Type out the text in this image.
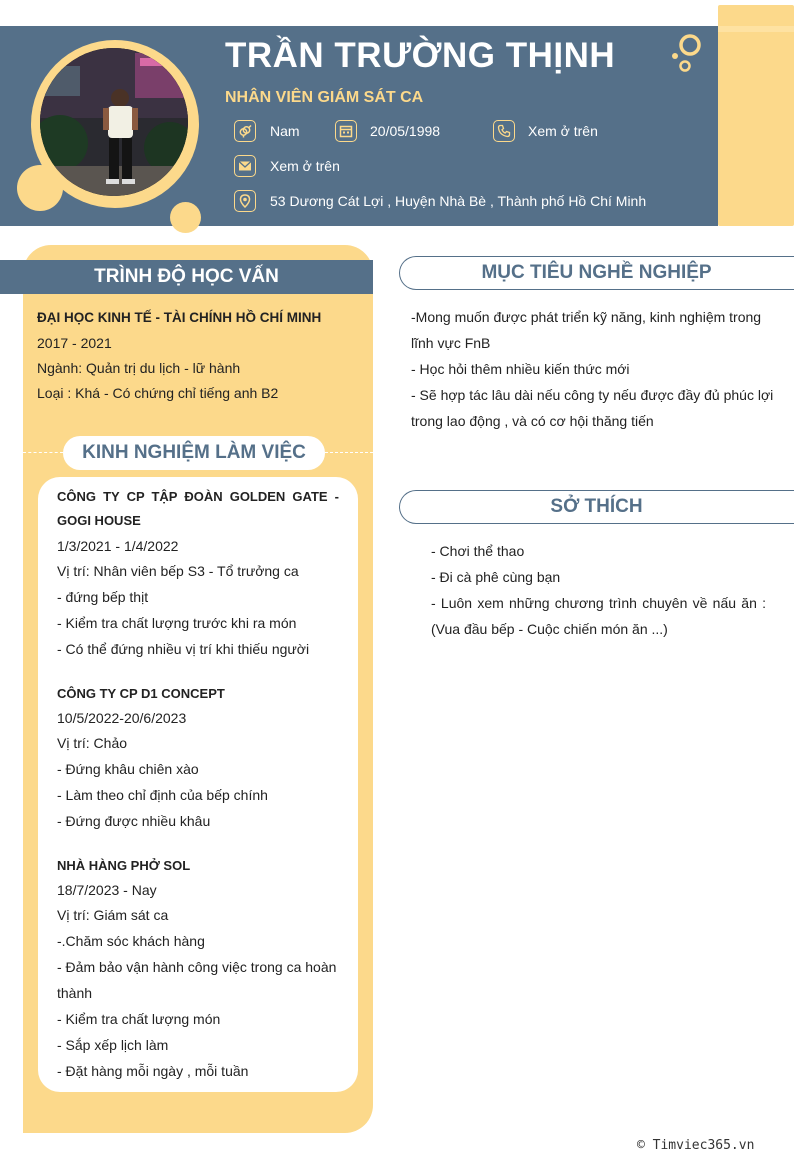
TRẦN TRƯỜNG THỊNH
NHÂN VIÊN GIÁM SÁT CA
Nam	20/05/1998	Xem ở trên
Xem ở trên
53 Dương Cát Lợi , Huyện Nhà Bè , Thành phố Hồ Chí Minh
TRÌNH ĐỘ HỌC VẤN
ĐẠI HỌC KINH TẾ - TÀI CHÍNH HỒ CHÍ MINH
2017 - 2021
Ngành: Quản trị du lịch - lữ hành
Loại : Khá - Có chứng chỉ tiếng anh B2
KINH NGHIỆM LÀM VIỆC
CÔNG TY CP TẬP ĐOÀN GOLDEN GATE - GOGI HOUSE
1/3/2021 - 1/4/2022
Vị trí: Nhân viên bếp S3 - Tổ trưởng ca
- đứng bếp thịt
- Kiểm tra chất lượng trước khi ra món
- Có thể đứng nhiều vị trí khi thiếu người
CÔNG TY CP D1 CONCEPT
10/5/2022-20/6/2023
Vị trí: Chảo
- Đứng khâu chiên xào
- Làm theo chỉ định của bếp chính
- Đứng được nhiều khâu
NHÀ HÀNG PHỞ SOL
18/7/2023 - Nay
Vị trí: Giám sát ca
-.Chăm sóc khách hàng
- Đảm bảo vận hành công việc trong ca hoàn
thành
- Kiểm tra chất lượng món
- Sắp xếp lịch làm
- Đặt hàng mỗi ngày , mỗi tuần
MỤC TIÊU NGHỀ NGHIỆP
-Mong muốn được phát triển kỹ năng, kinh nghiệm trong
lĩnh vực FnB
- Học hỏi thêm nhiều kiến thức mới
- Sẽ hợp tác lâu dài nếu công ty nếu được đầy đủ phúc lợi
trong lao động , và có cơ hội thăng tiến
SỞ THÍCH
- Chơi thể thao
- Đi cà phê cùng bạn
- Luôn xem những chương trình chuyên về nấu ăn :
(Vua đầu bếp - Cuộc chiến món ăn ...)
© Timviec365.vn
